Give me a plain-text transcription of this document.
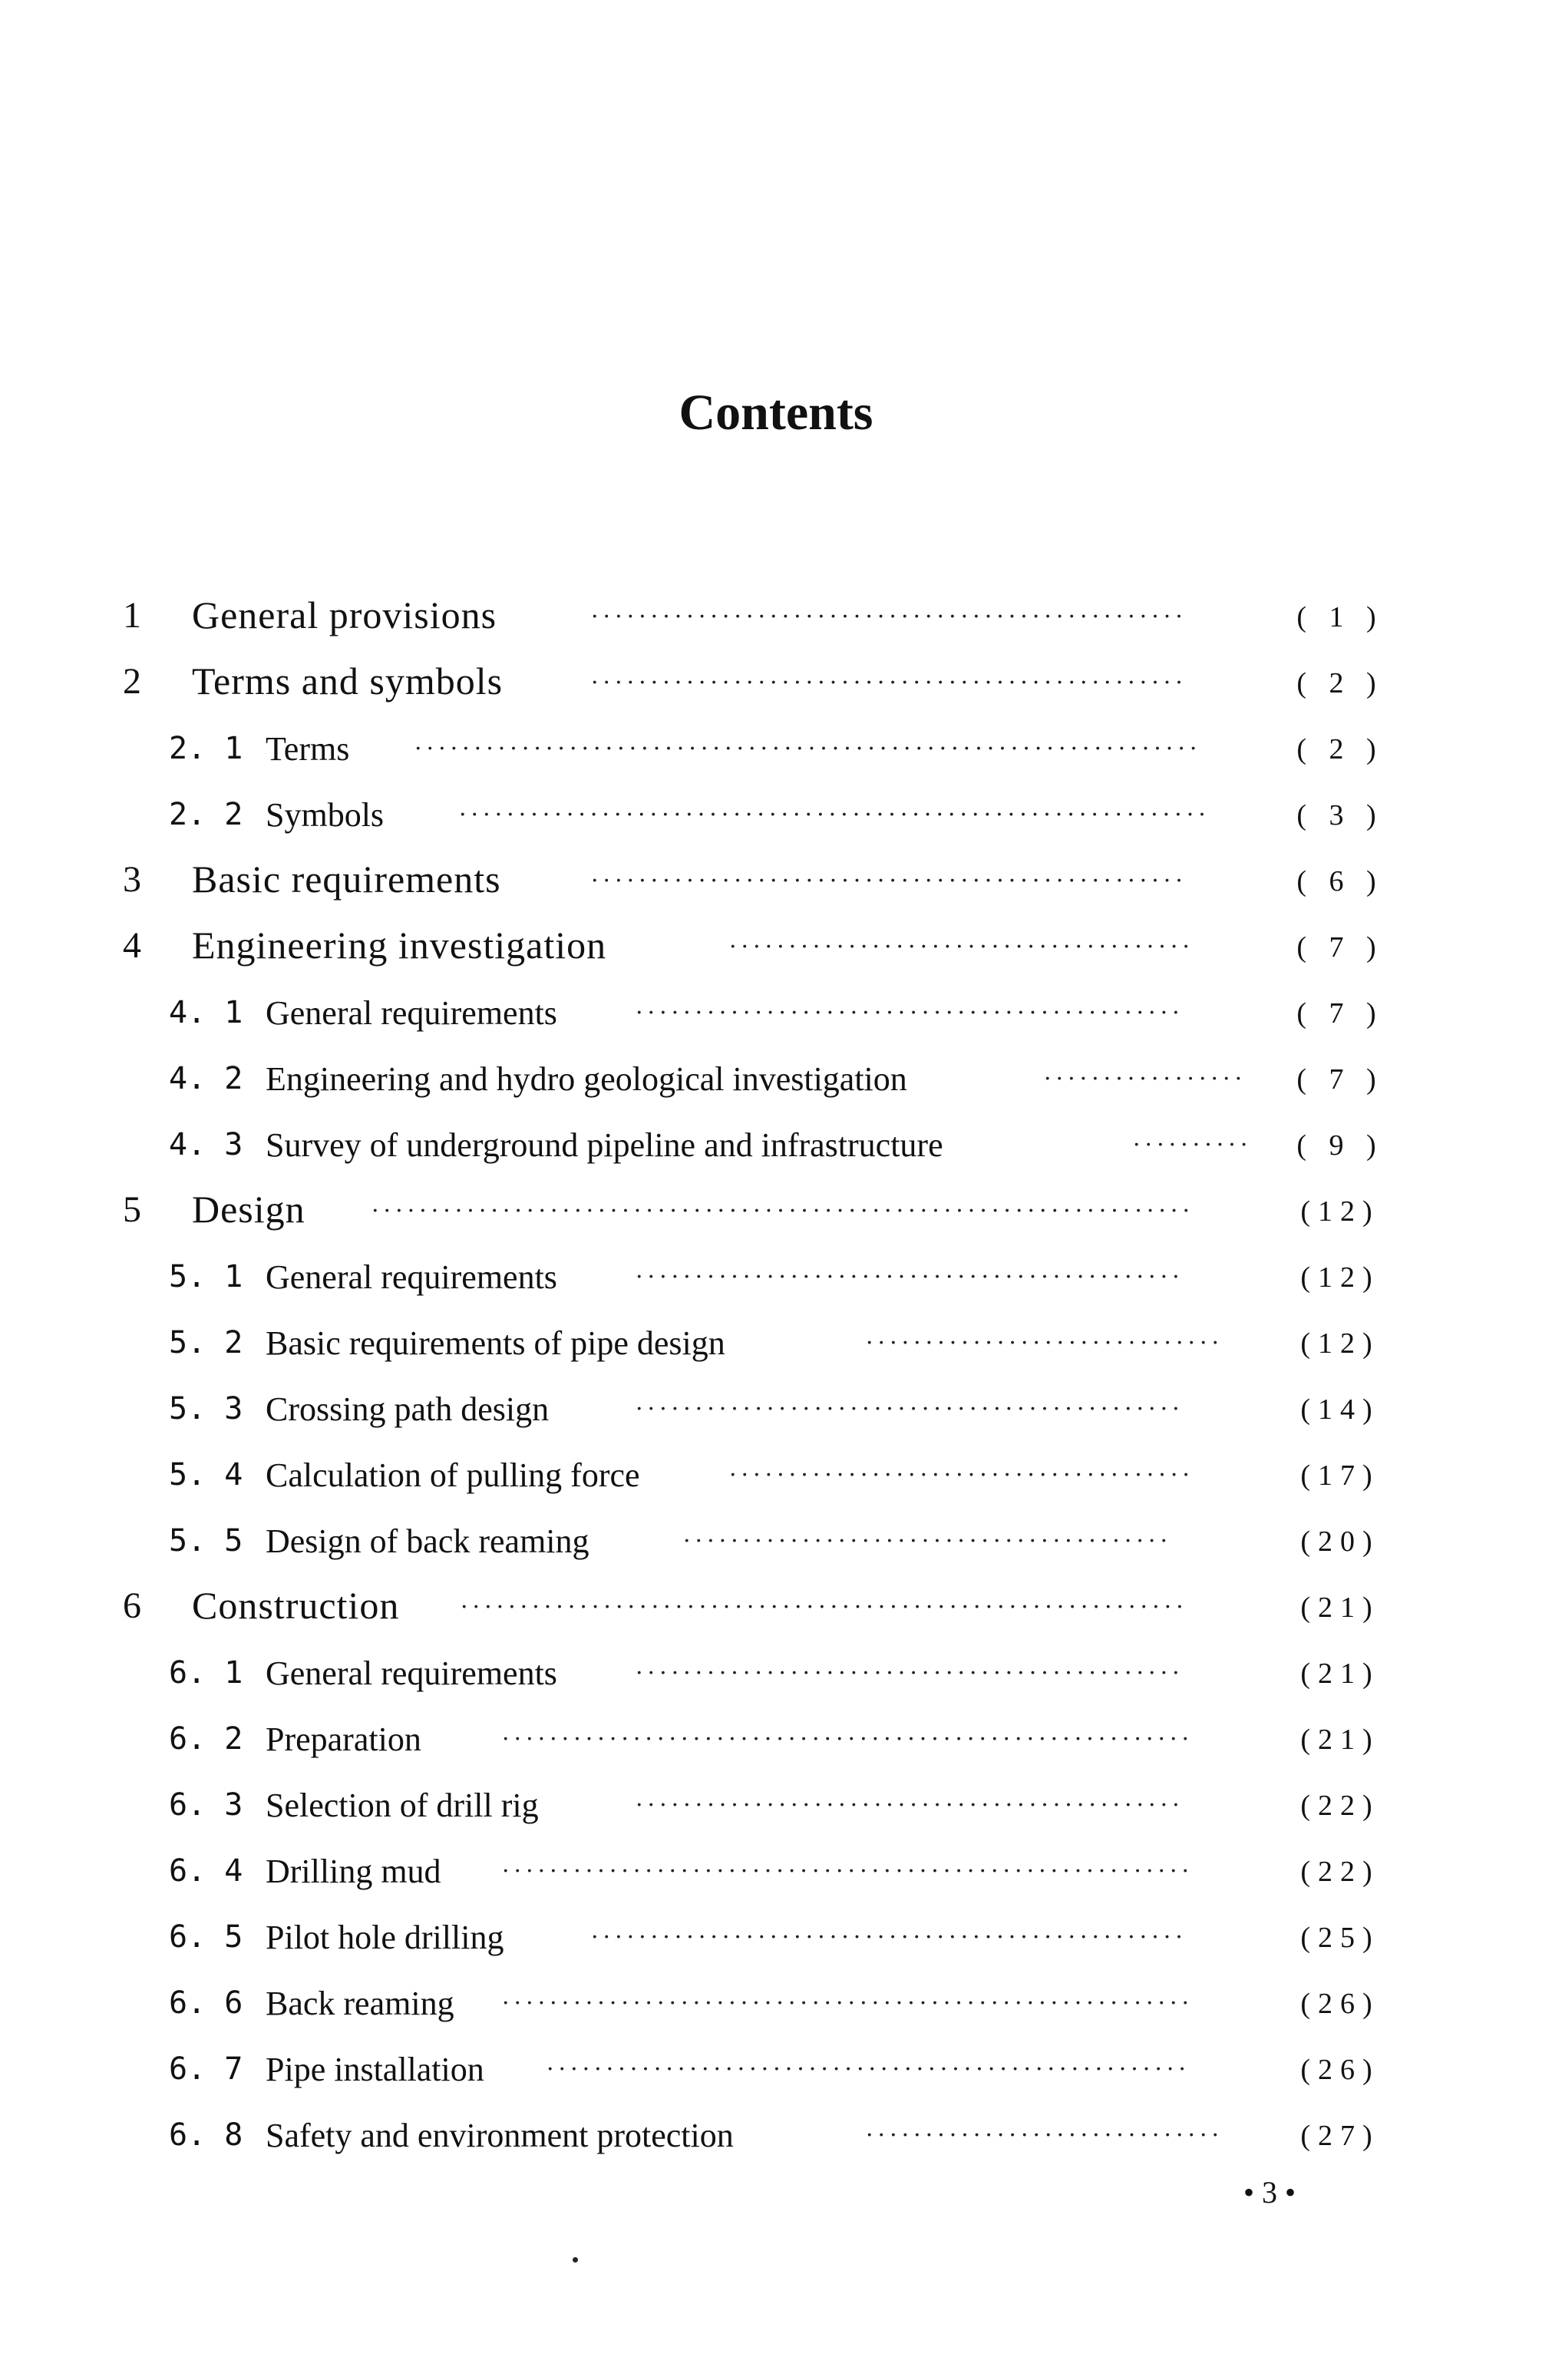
Contents
1 General provisions	··················································	( 1 )
2 Terms and symbols	··················································	( 2 )
2. 1 Terms	··································································	( 2 )
2. 2 Symbols	·······························································	( 3 )
3 Basic requirements	··················································	( 6 )
4 Engineering investigation	·······································	( 7 )
4. 1 General requirements	··············································	( 7 )
4. 2 Engineering and hydro geological investigation	·················	( 7 )
4. 3 Survey of underground pipeline and infrastructure	··········	( 9 )
5 Design	·····································································	(12)
5. 1 General requirements	··············································	(12)
5. 2 Basic requirements of pipe design	······························	(12)
5. 3 Crossing path design	··············································	(14)
5. 4 Calculation of pulling force	·······································	(17)
5. 5 Design of back reaming	·········································	(20)
6 Construction	·····························································	(21)
6. 1 General requirements	··············································	(21)
6. 2 Preparation	··························································	(21)
6. 3 Selection of drill rig	··············································	(22)
6. 4 Drilling mud	··························································	(22)
6. 5 Pilot hole drilling	··················································	(25)
6. 6 Back reaming ··························································	(26)
6. 7 Pipe installation	······················································	(26)
6. 8 Safety and environment protection	······························	(27)
• 3 •
